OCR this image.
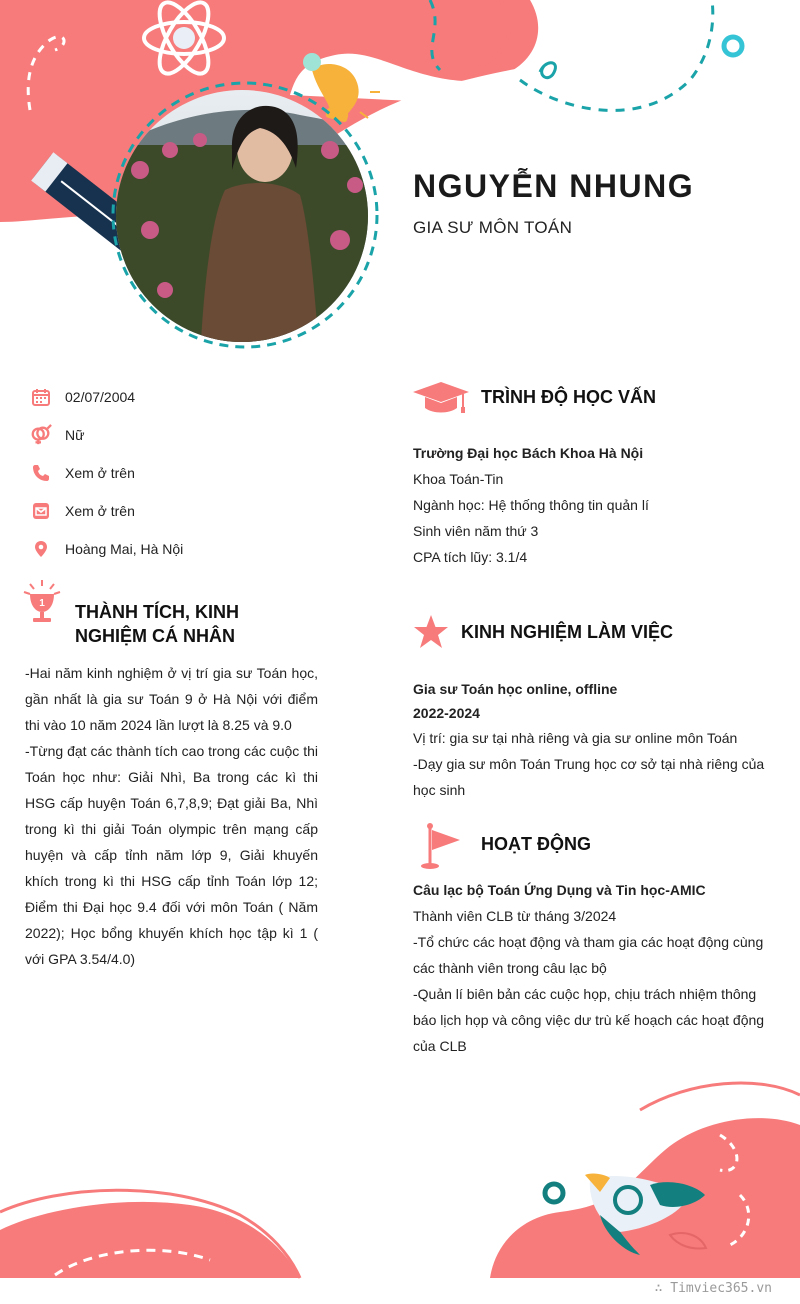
NGUYỄN NHUNG
GIA SƯ MÔN TOÁN
02/07/2004
Nữ
Xem ở trên
Xem ở trên
Hoàng Mai, Hà Nội
1 THÀNH TÍCH, KINH
NGHIỆM CÁ NHÂN
-Hai năm kinh nghiệm ở vị trí gia sư Toán học, gần nhất là gia sư Toán 9 ở Hà Nội với điểm thi vào 10 năm 2024 lần lượt là 8.25 và 9.0
-Từng đạt các thành tích cao trong các cuộc thi Toán học như: Giải Nhì, Ba trong các kì thi HSG cấp huyện Toán 6,7,8,9; Đạt giải Ba, Nhì trong kì thi giải Toán olympic trên mạng cấp huyện và cấp tỉnh năm lớp 9, Giải khuyến khích trong kì thi HSG cấp tỉnh Toán lớp 12; Điểm thi Đại học 9.4 đối với môn Toán ( Năm 2022); Học bổng khuyến khích học tập kì 1 ( với GPA 3.54/4.0)
TRÌNH ĐỘ HỌC VẤN
Trường Đại học Bách Khoa Hà Nội
Khoa Toán-Tin
Ngành học: Hệ thống thông tin quản lí
Sinh viên năm thứ 3
CPA tích lũy: 3.1/4
KINH NGHIỆM LÀM VIỆC
Gia sư Toán học online, offline
2022-2024
Vị trí: gia sư tại nhà riêng và gia sư online môn Toán
-Dạy gia sư môn Toán Trung học cơ sở tại nhà riêng của học sinh
HOẠT ĐỘNG
Câu lạc bộ Toán Ứng Dụng và Tin học-AMIC
Thành viên CLB từ tháng 3/2024
-Tổ chức các hoạt động và tham gia các hoạt động cùng các thành viên trong câu lạc bộ
-Quản lí biên bản các cuộc họp, chịu trách nhiệm thông báo lịch họp và công việc dư trù kế hoạch các hoạt động của CLB
∴ Timviec365.vn
